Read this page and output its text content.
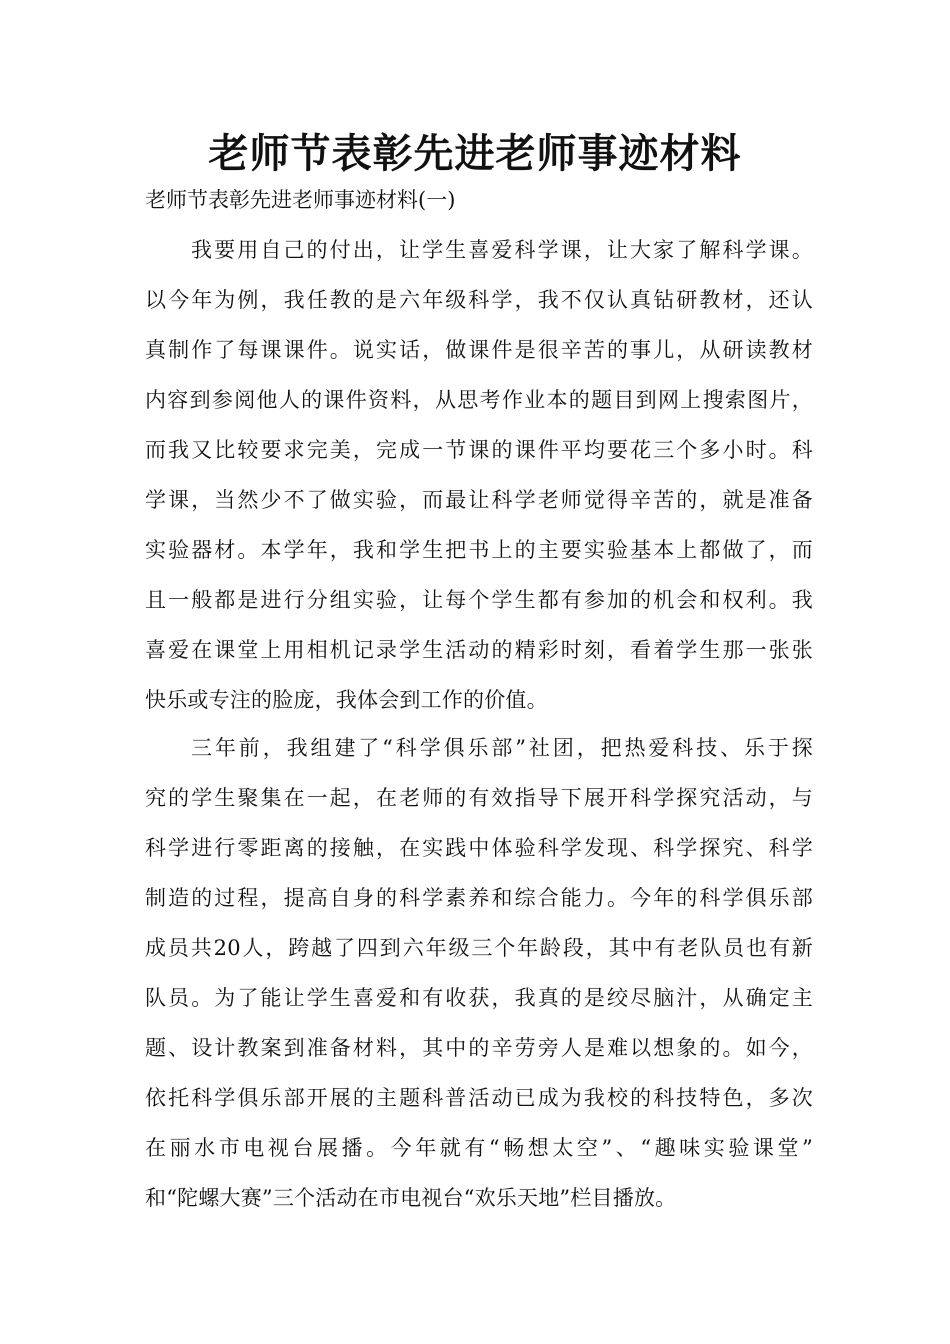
老师节表彰先进老师事迹材料

老师节表彰先进老师事迹材料(一)

我要用自己的付出，让学生喜爱科学课，让大家了解科学课。
以今年为例，我任教的是六年级科学，我不仅认真钻研教材，还认
真制作了每课课件。说实话，做课件是很辛苦的事儿，从研读教材
内容到参阅他人的课件资料，从思考作业本的题目到网上搜索图片，
而我又比较要求完美，完成一节课的课件平均要花三个多小时。科
学课，当然少不了做实验，而最让科学老师觉得辛苦的，就是准备
实验器材。本学年，我和学生把书上的主要实验基本上都做了，而
且一般都是进行分组实验，让每个学生都有参加的机会和权利。我
喜爱在课堂上用相机记录学生活动的精彩时刻，看着学生那一张张
快乐或专注的脸庞，我体会到工作的价值。
三年前，我组建了“科学俱乐部”社团，把热爱科技、乐于探
究的学生聚集在一起，在老师的有效指导下展开科学探究活动，与
科学进行零距离的接触，在实践中体验科学发现、科学探究、科学
制造的过程，提高自身的科学素养和综合能力。今年的科学俱乐部
成员共20人，跨越了四到六年级三个年龄段，其中有老队员也有新
队员。为了能让学生喜爱和有收获，我真的是绞尽脑汁，从确定主
题、设计教案到准备材料，其中的辛劳旁人是难以想象的。如今，
依托科学俱乐部开展的主题科普活动已成为我校的科技特色，多次
在丽水市电视台展播。今年就有“畅想太空”、“趣味实验课堂”
和“陀螺大赛”三个活动在市电视台“欢乐天地”栏目播放。
